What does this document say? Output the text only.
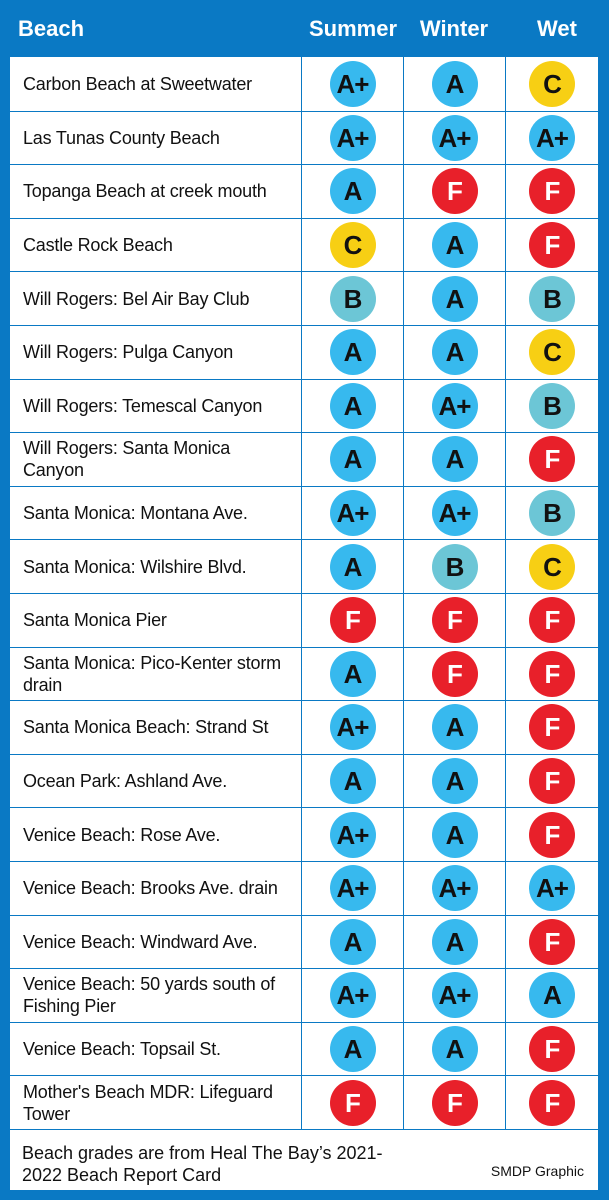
Beach	Summer	Winter	Wet
Carbon Beach at Sweetwater	A+	A	C
Las Tunas County Beach	A+	A+	A+
Topanga Beach at creek mouth	A	F	F
Castle Rock Beach	C	A	F
Will Rogers: Bel Air Bay Club	B	A	B
Will Rogers: Pulga Canyon	A	A	C
Will Rogers: Temescal Canyon	A	A+	B
Will Rogers: Santa Monica Canyon	A	A	F
Santa Monica: Montana Ave.	A+	A+	B
Santa Monica: Wilshire Blvd.	A	B	C
Santa Monica Pier	F	F	F
Santa Monica: Pico-Kenter storm drain	A	F	F
Santa Monica Beach: Strand St	A+	A	F
Ocean Park: Ashland Ave.	A	A	F
Venice Beach: Rose Ave.	A+	A	F
Venice Beach: Brooks Ave. drain	A+	A+	A+
Venice Beach: Windward Ave.	A	A	F
Venice Beach: 50 yards south of Fishing Pier	A+	A+	A
Venice Beach: Topsail St.	A	A	F
Mother's Beach MDR: Lifeguard Tower	F	F	F
Beach grades are from Heal The Bay’s 2021-2022 Beach Report Card	SMDP Graphic
